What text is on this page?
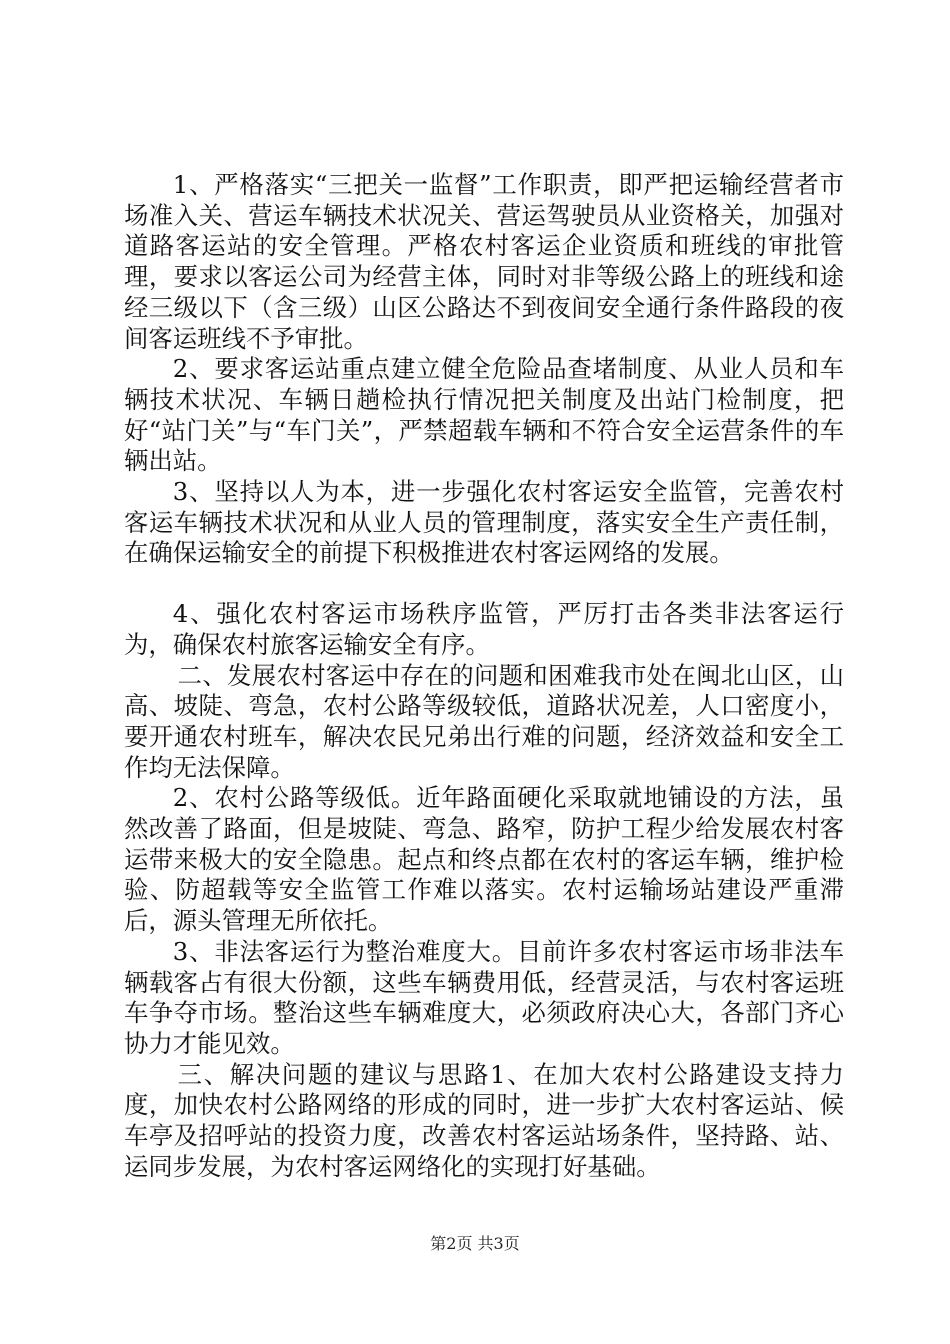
1、严格落实“三把关一监督”工作职责，即严把运输经营者市场准入关、营运车辆技术状况关、营运驾驶员从业资格关，加强对道路客运站的安全管理。严格农村客运企业资质和班线的审批管理，要求以客运公司为经营主体，同时对非等级公路上的班线和途经三级以下（含三级）山区公路达不到夜间安全通行条件路段的夜间客运班线不予审批。

2、要求客运站重点建立健全危险品查堵制度、从业人员和车辆技术状况、车辆日趟检执行情况把关制度及出站门检制度，把好“站门关”与“车门关”，严禁超载车辆和不符合安全运营条件的车辆出站。

3、坚持以人为本，进一步强化农村客运安全监管，完善农村客运车辆技术状况和从业人员的管理制度，落实安全生产责任制，在确保运输安全的前提下积极推进农村客运网络的发展。

4、强化农村客运市场秩序监管，严厉打击各类非法客运行为，确保农村旅客运输安全有序。

二、发展农村客运中存在的问题和困难我市处在闽北山区，山高、坡陡、弯急，农村公路等级较低，道路状况差，人口密度小，要开通农村班车，解决农民兄弟出行难的问题，经济效益和安全工作均无法保障。

2、农村公路等级低。近年路面硬化采取就地铺设的方法，虽然改善了路面，但是坡陡、弯急、路窄，防护工程少给发展农村客运带来极大的安全隐患。起点和终点都在农村的客运车辆，维护检验、防超载等安全监管工作难以落实。农村运输场站建设严重滞后，源头管理无所依托。

3、非法客运行为整治难度大。目前许多农村客运市场非法车辆载客占有很大份额，这些车辆费用低，经营灵活，与农村客运班车争夺市场。整治这些车辆难度大，必须政府决心大，各部门齐心协力才能见效。

三、解决问题的建议与思路1、在加大农村公路建设支持力度，加快农村公路网络的形成的同时，进一步扩大农村客运站、候车亭及招呼站的投资力度，改善农村客运站场条件，坚持路、站、运同步发展，为农村客运网络化的实现打好基础。

第2页 共3页
